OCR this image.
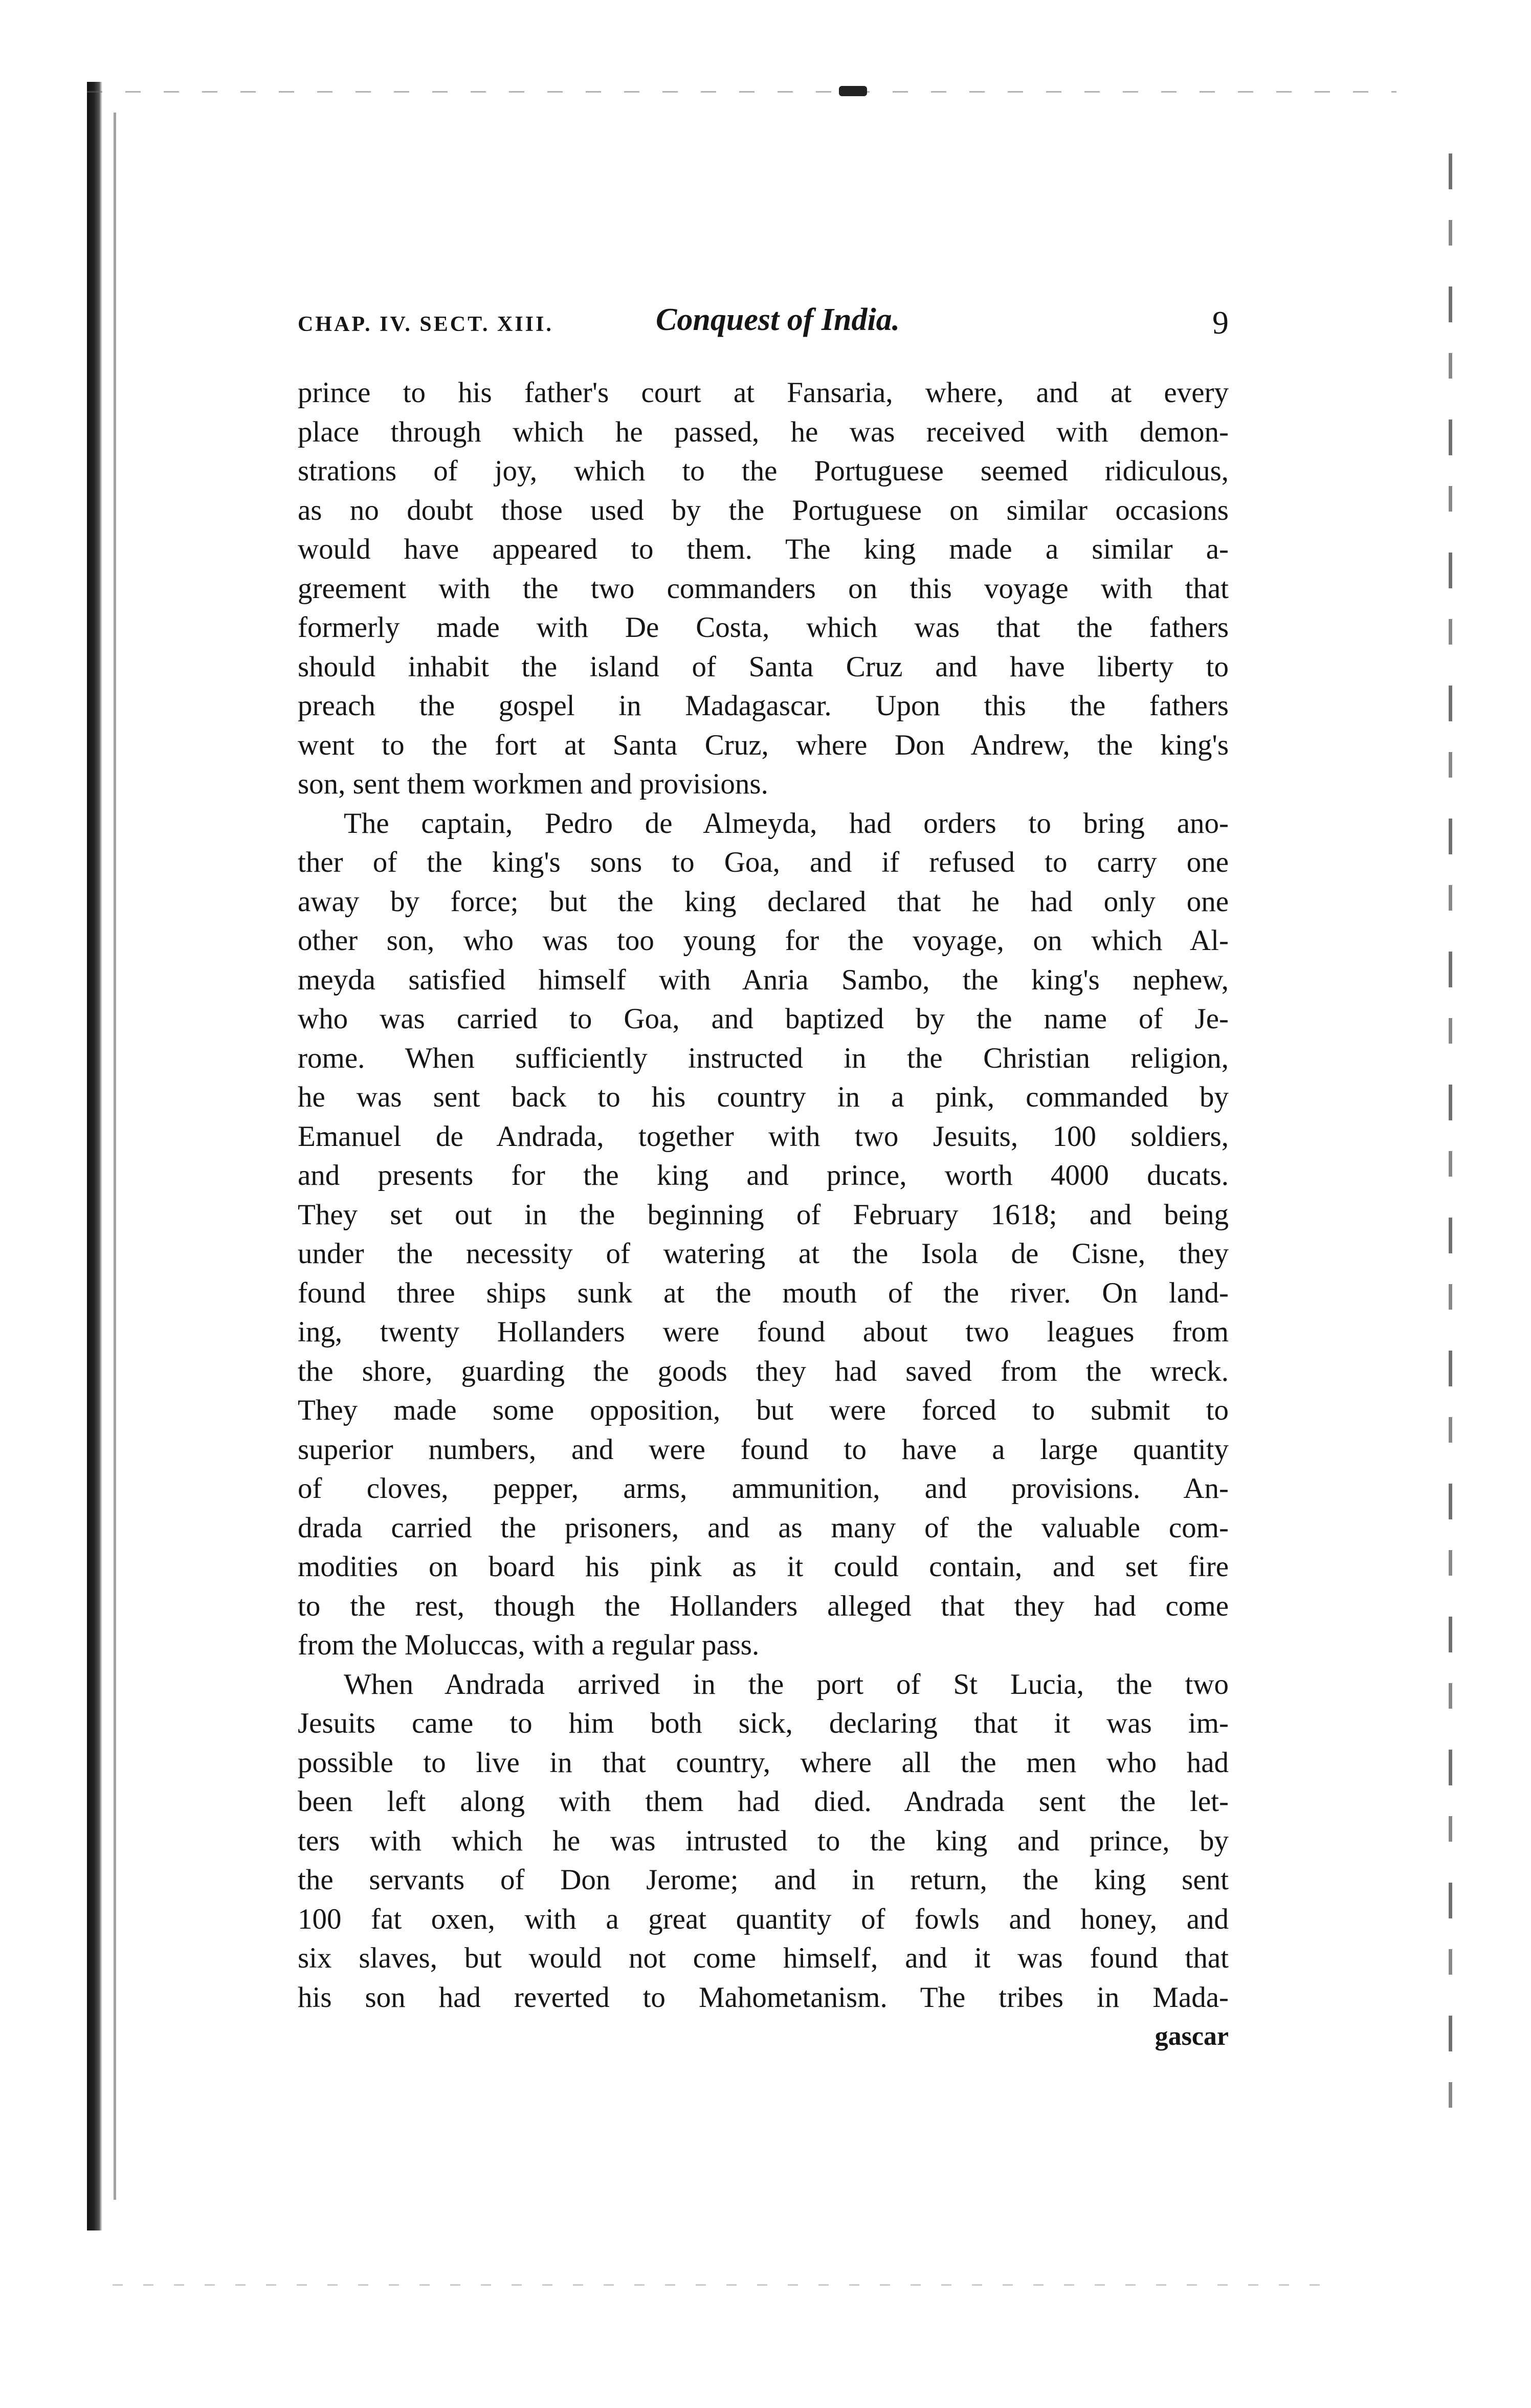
CHAP. IV. SECT. XIII.	Conquest of India.	9
prince to his father's court at Fansaria, where, and at every
place through which he passed, he was received with demon-
strations of joy, which to the Portuguese seemed ridiculous,
as no doubt those used by the Portuguese on similar occasions
would have appeared to them. The king made a similar a-
greement with the two commanders on this voyage with that
formerly made with De Costa, which was that the fathers
should inhabit the island of Santa Cruz and have liberty to
preach the gospel in Madagascar. Upon this the fathers
went to the fort at Santa Cruz, where Don Andrew, the king's
son, sent them workmen and provisions.
The captain, Pedro de Almeyda, had orders to bring ano-
ther of the king's sons to Goa, and if refused to carry one
away by force; but the king declared that he had only one
other son, who was too young for the voyage, on which Al-
meyda satisfied himself with Anria Sambo, the king's nephew,
who was carried to Goa, and baptized by the name of Je-
rome. When sufficiently instructed in the Christian religion,
he was sent back to his country in a pink, commanded by
Emanuel de Andrada, together with two Jesuits, 100 soldiers,
and presents for the king and prince, worth 4000 ducats.
They set out in the beginning of February 1618; and being
under the necessity of watering at the Isola de Cisne, they
found three ships sunk at the mouth of the river. On land-
ing, twenty Hollanders were found about two leagues from
the shore, guarding the goods they had saved from the wreck.
They made some opposition, but were forced to submit to
superior numbers, and were found to have a large quantity
of cloves, pepper, arms, ammunition, and provisions. An-
drada carried the prisoners, and as many of the valuable com-
modities on board his pink as it could contain, and set fire
to the rest, though the Hollanders alleged that they had come
from the Moluccas, with a regular pass.
When Andrada arrived in the port of St Lucia, the two
Jesuits came to him both sick, declaring that it was im-
possible to live in that country, where all the men who had
been left along with them had died. Andrada sent the let-
ters with which he was intrusted to the king and prince, by
the servants of Don Jerome; and in return, the king sent
100 fat oxen, with a great quantity of fowls and honey, and
six slaves, but would not come himself, and it was found that
his son had reverted to Mahometanism. The tribes in Mada-
gascar
